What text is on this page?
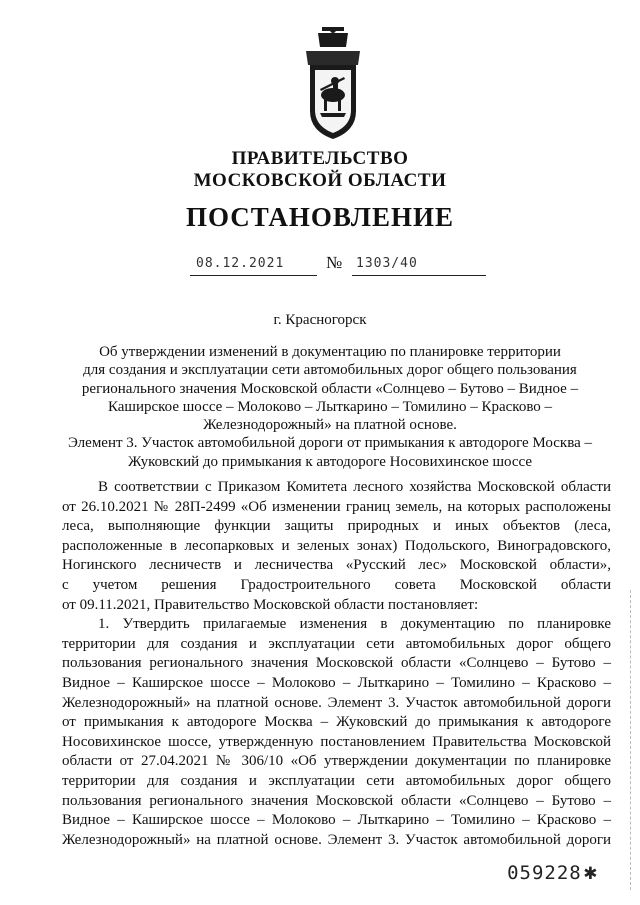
ПРАВИТЕЛЬСТВО
МОСКОВСКОЙ ОБЛАСТИ
ПОСТАНОВЛЕНИЕ
08.12.2021	№	1303/40
г. Красногорск
Об утверждении изменений в документацию по планировке территории
для создания и эксплуатации сети автомобильных дорог общего пользования
регионального значения Московской области «Солнцево – Бутово – Видное –
Каширское шоссе – Молоково – Лыткарино – Томилино – Красково –
Железнодорожный» на платной основе.
Элемент 3. Участок автомобильной дороги от примыкания к автодороге Москва –
Жуковский до примыкания к автодороге Носовихинское шоссе
В соответствии с Приказом Комитета лесного хозяйства Московской области
от 26.10.2021 № 28П-2499 «Об изменении границ земель, на которых расположены
леса, выполняющие функции защиты природных и иных объектов (леса,
расположенные в лесопарковых и зеленых зонах) Подольского, Виноградовского,
Ногинского лесничеств и лесничества «Русский лес» Московской области»,
с учетом решения Градостроительного совета Московской области
от 09.11.2021, Правительство Московской области постановляет:
1. Утвердить прилагаемые изменения в документацию по планировке
территории для создания и эксплуатации сети автомобильных дорог общего
пользования регионального значения Московской области «Солнцево – Бутово –
Видное – Каширское шоссе – Молоково – Лыткарино – Томилино – Красково –
Железнодорожный» на платной основе. Элемент 3. Участок автомобильной дороги
от примыкания к автодороге Москва – Жуковский до примыкания к автодороге
Носовихинское шоссе, утвержденную постановлением Правительства Московской
области от 27.04.2021 № 306/10 «Об утверждении документации по планировке
территории для создания и эксплуатации сети автомобильных дорог общего
пользования регионального значения Московской области «Солнцево – Бутово –
Видное – Каширское шоссе – Молоково – Лыткарино – Томилино – Красково –
Железнодорожный» на платной основе. Элемент 3. Участок автомобильной дороги
059228✱
